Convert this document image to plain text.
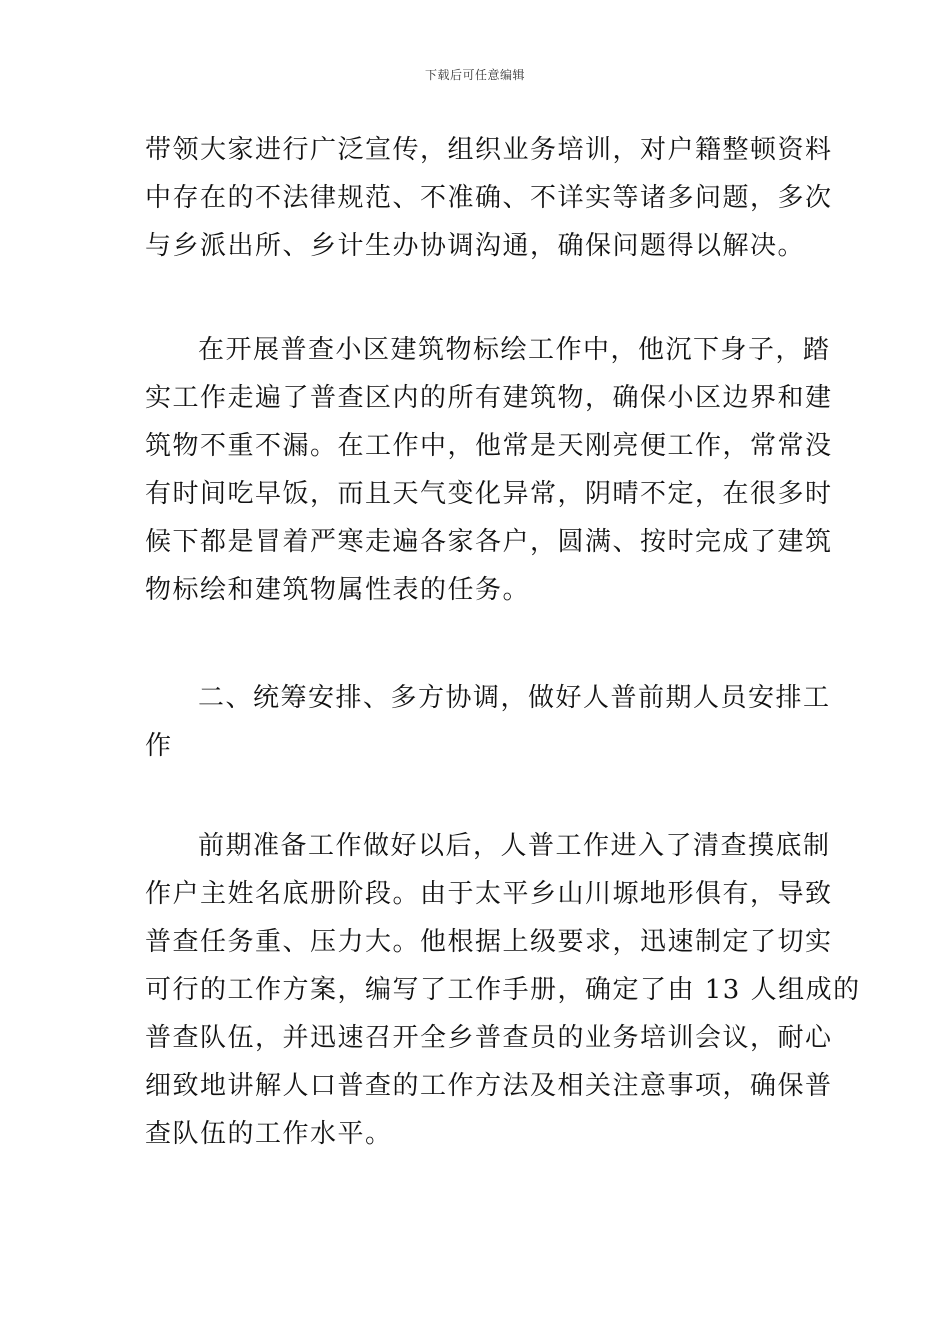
下载后可任意编辑
带领大家进行广泛宣传，组织业务培训，对户籍整顿资料
中存在的不法律规范、不准确、不详实等诸多问题，多次
与乡派出所、乡计生办协调沟通，确保问题得以解决。
在开展普查小区建筑物标绘工作中，他沉下身子，踏
实工作走遍了普查区内的所有建筑物，确保小区边界和建
筑物不重不漏。在工作中，他常是天刚亮便工作，常常没
有时间吃早饭，而且天气变化异常，阴晴不定，在很多时
候下都是冒着严寒走遍各家各户，圆满、按时完成了建筑
物标绘和建筑物属性表的任务。
二、统筹安排、多方协调，做好人普前期人员安排工
作
前期准备工作做好以后，人普工作进入了清查摸底制
作户主姓名底册阶段。由于太平乡山川塬地形俱有，导致
普查任务重、压力大。他根据上级要求，迅速制定了切实
可行的工作方案，编写了工作手册，确定了由 13 人组成的
普查队伍，并迅速召开全乡普查员的业务培训会议，耐心
细致地讲解人口普查的工作方法及相关注意事项，确保普
查队伍的工作水平。
